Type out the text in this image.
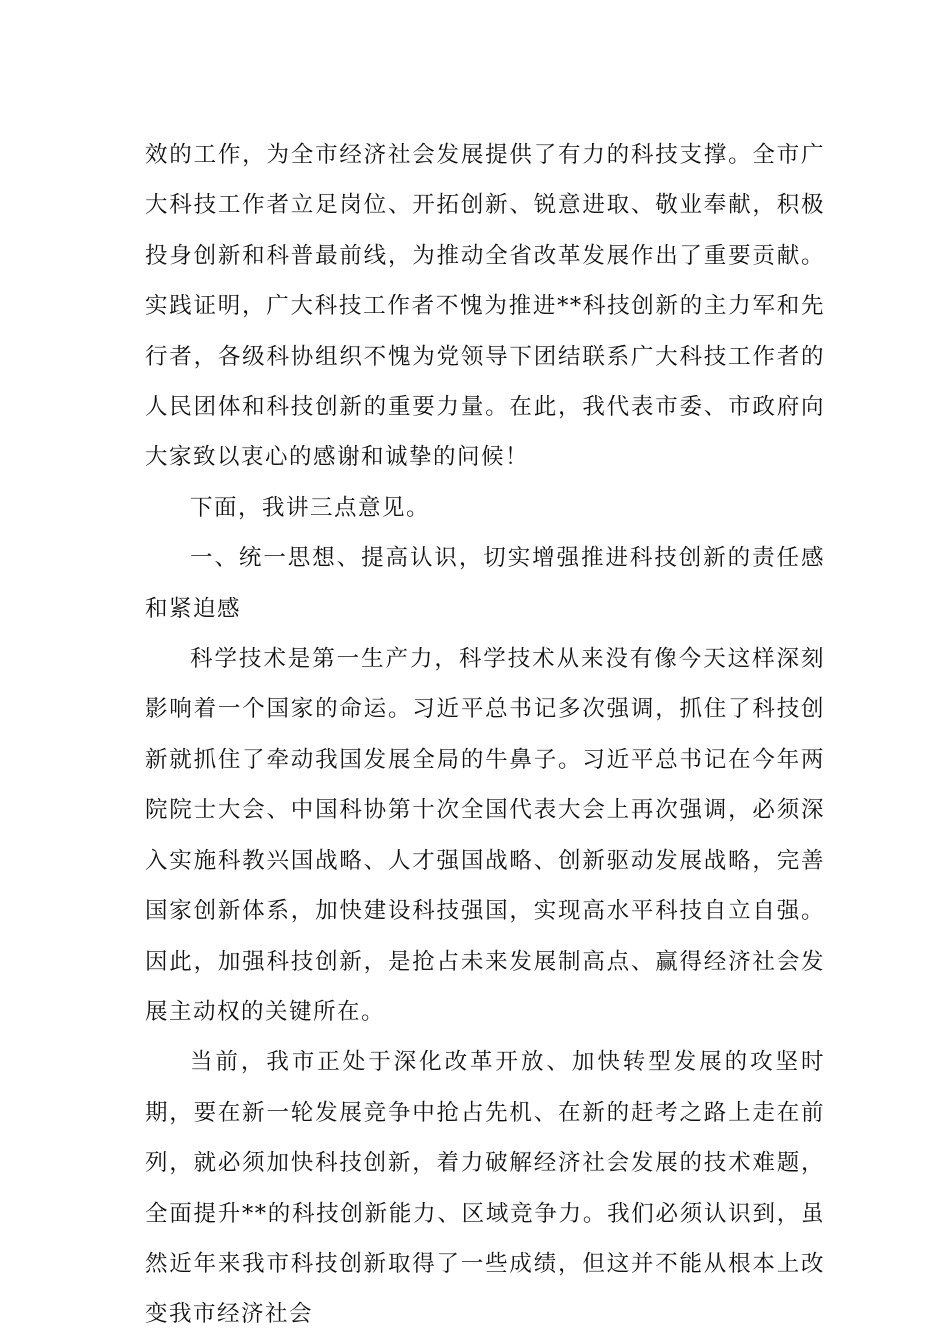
效的工作，为全市经济社会发展提供了有力的科技支撑。全市广大科技工作者立足岗位、开拓创新、锐意进取、敬业奉献，积极投身创新和科普最前线，为推动全省改革发展作出了重要贡献。实践证明，广大科技工作者不愧为推进**科技创新的主力军和先行者，各级科协组织不愧为党领导下团结联系广大科技工作者的人民团体和科技创新的重要力量。在此，我代表市委、市政府向大家致以衷心的感谢和诚挚的问候！

下面，我讲三点意见。

一、统一思想、提高认识，切实增强推进科技创新的责任感和紧迫感

科学技术是第一生产力，科学技术从来没有像今天这样深刻影响着一个国家的命运。习近平总书记多次强调，抓住了科技创新就抓住了牵动我国发展全局的牛鼻子。习近平总书记在今年两院院士大会、中国科协第十次全国代表大会上再次强调，必须深入实施科教兴国战略、人才强国战略、创新驱动发展战略，完善国家创新体系，加快建设科技强国，实现高水平科技自立自强。因此，加强科技创新，是抢占未来发展制高点、赢得经济社会发展主动权的关键所在。

当前，我市正处于深化改革开放、加快转型发展的攻坚时期，要在新一轮发展竞争中抢占先机、在新的赶考之路上走在前列，就必须加快科技创新，着力破解经济社会发展的技术难题，全面提升**的科技创新能力、区域竞争力。我们必须认识到，虽然近年来我市科技创新取得了一些成绩，但这并不能从根本上改变我市经济社会
